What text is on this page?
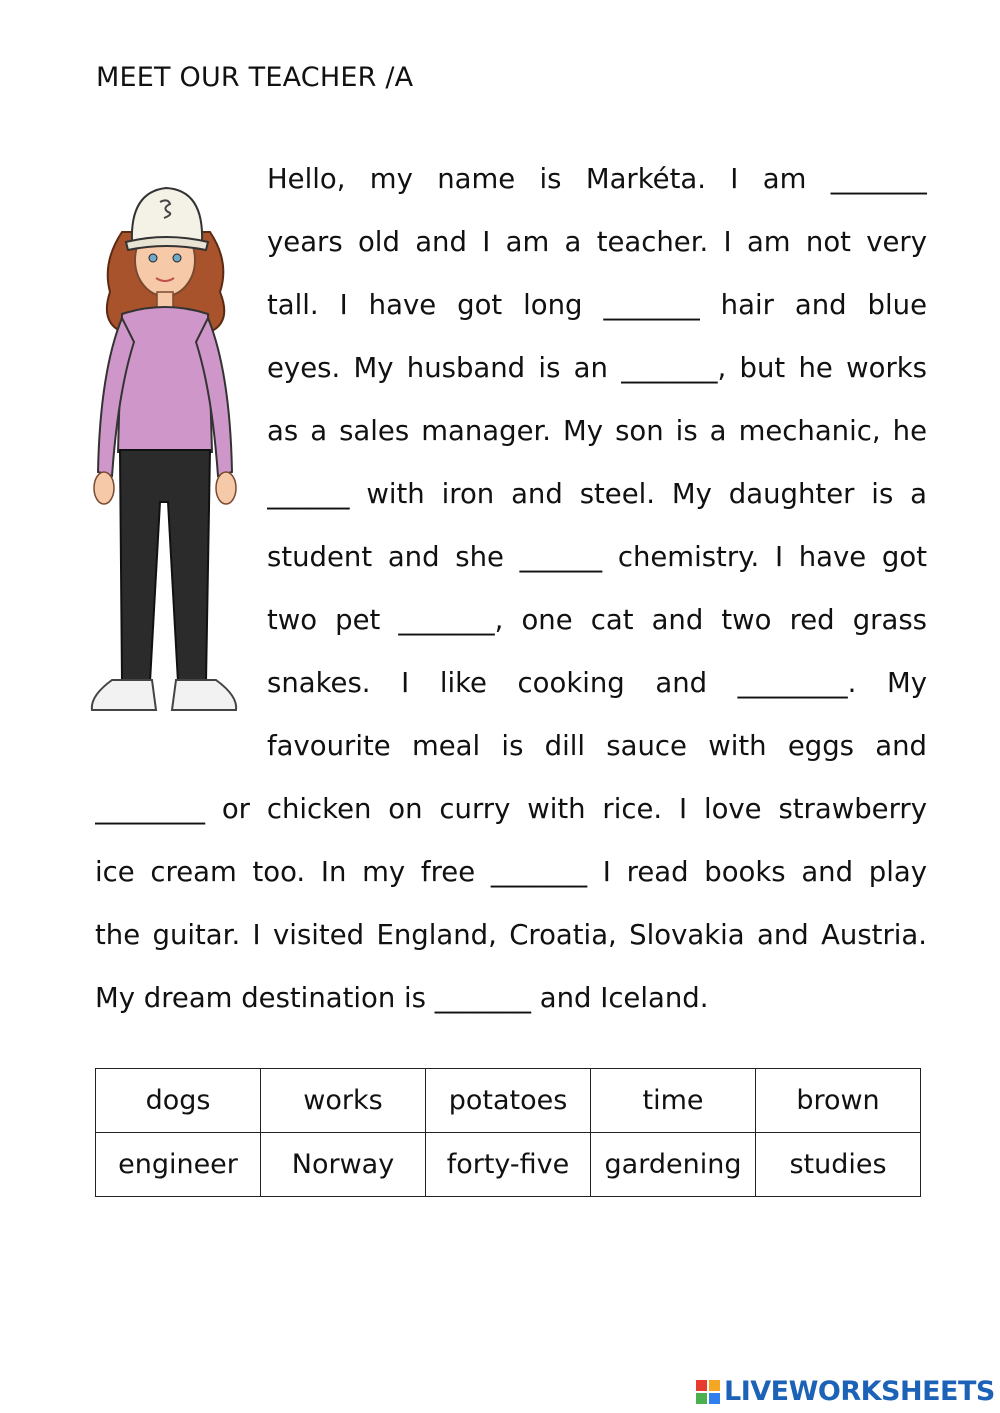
MEET OUR TEACHER /A
Hello, my name is Markéta. I am _______
years old and I am a teacher. I am not very
tall. I have got long _______ hair and blue
eyes. My husband is an _______, but he works
as a sales manager. My son is a mechanic, he
______ with iron and steel. My daughter is a
student and she ______ chemistry. I have got
two pet _______, one cat and two red grass
snakes. I like cooking and ________. My
favourite meal is dill sauce with eggs and
________ or chicken on curry with rice. I love strawberry
ice cream too. In my free _______ I read books and play
the guitar. I visited England, Croatia, Slovakia and Austria.
My dream destination is _______ and Iceland.
dogs	works	potatoes	time	brown
engineer	Norway	forty-five	gardening	studies
LIVEWORKSHEETS
